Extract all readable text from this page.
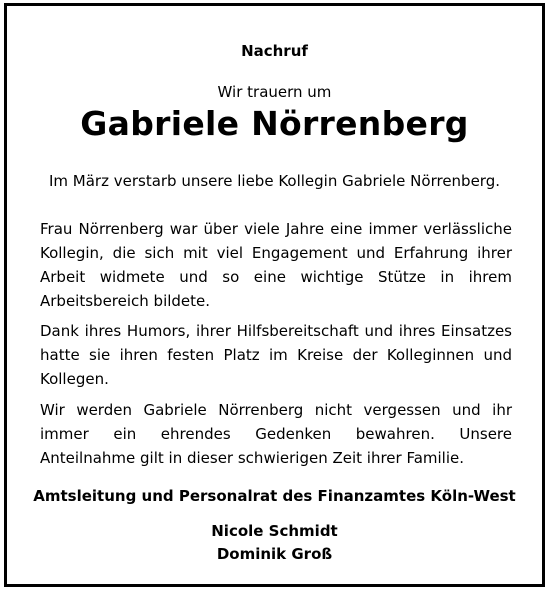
Nachruf
Wir trauern um
Gabriele Nörrenberg
Im März verstarb unsere liebe Kollegin Gabriele Nörrenberg.
Frau Nörrenberg war über viele Jahre eine immer verlässliche Kollegin, die sich mit viel Engagement und Erfahrung ihrer Arbeit widmete und so eine wichtige Stütze in ihrem Arbeitsbereich bildete.
Dank ihres Humors, ihrer Hilfsbereitschaft und ihres Einsatzes hatte sie ihren festen Platz im Kreise der Kolleginnen und Kollegen.
Wir werden Gabriele Nörrenberg nicht vergessen und ihr immer ein ehrendes Gedenken bewahren. Unsere Anteilnahme gilt in dieser schwierigen Zeit ihrer Familie.
Amtsleitung und Personalrat des Finanzamtes Köln-West
Nicole Schmidt
Dominik Groß
